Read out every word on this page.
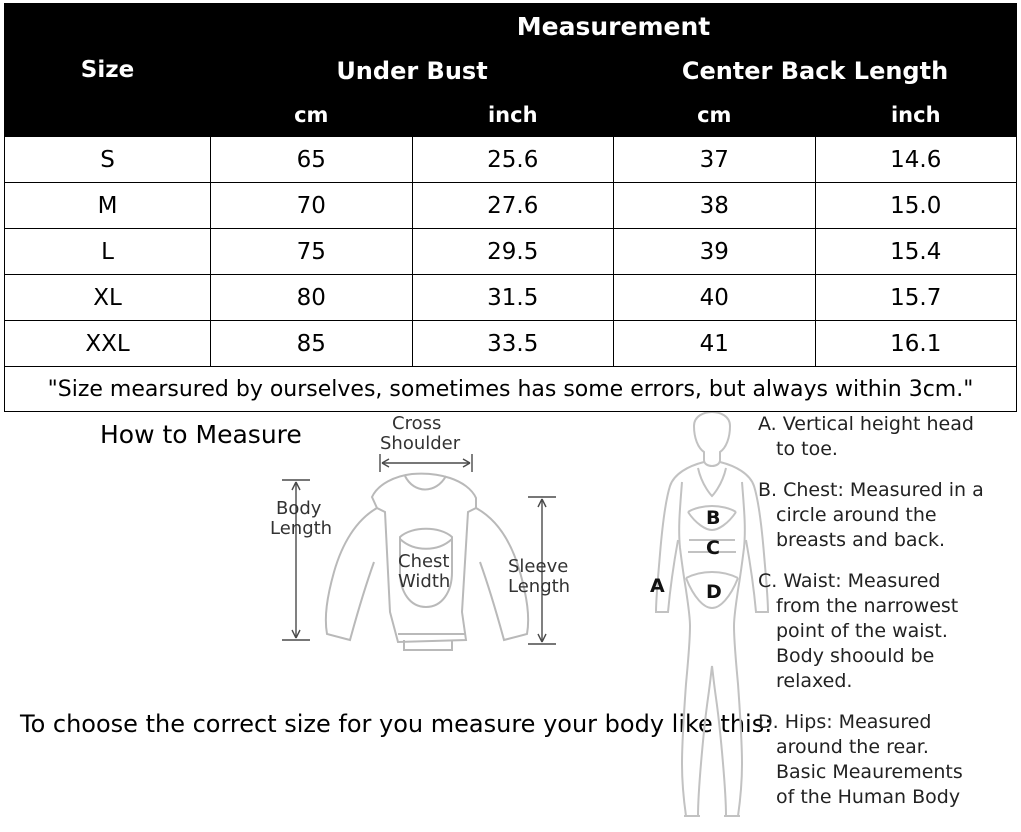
Size	Measurement			
	Under Bust		Center Back Length	
	cm	inch	cm	inch
S	65	25.6	37	14.6
M	70	27.6	38	15.0
L	75	29.5	39	15.4
XL	80	31.5	40	15.7
XXL	85	33.5	41	16.1
"Size mearsured by ourselves, sometimes has some errors, but always within 3cm."				
How to Measure
To choose the correct size for you measure your body like this:
Cross
Shoulder
Body
Length
Sleeve
Length
Chest
Width	A
B
C
D
A. Vertical height head
to toe.
B. Chest: Measured in a
circle around the
breasts and back.
C. Waist: Measured
from the narrowest
point of the waist.
Body shoould be
relaxed.
D. Hips: Measured
around the rear.
Basic Meaurements
of the Human Body
